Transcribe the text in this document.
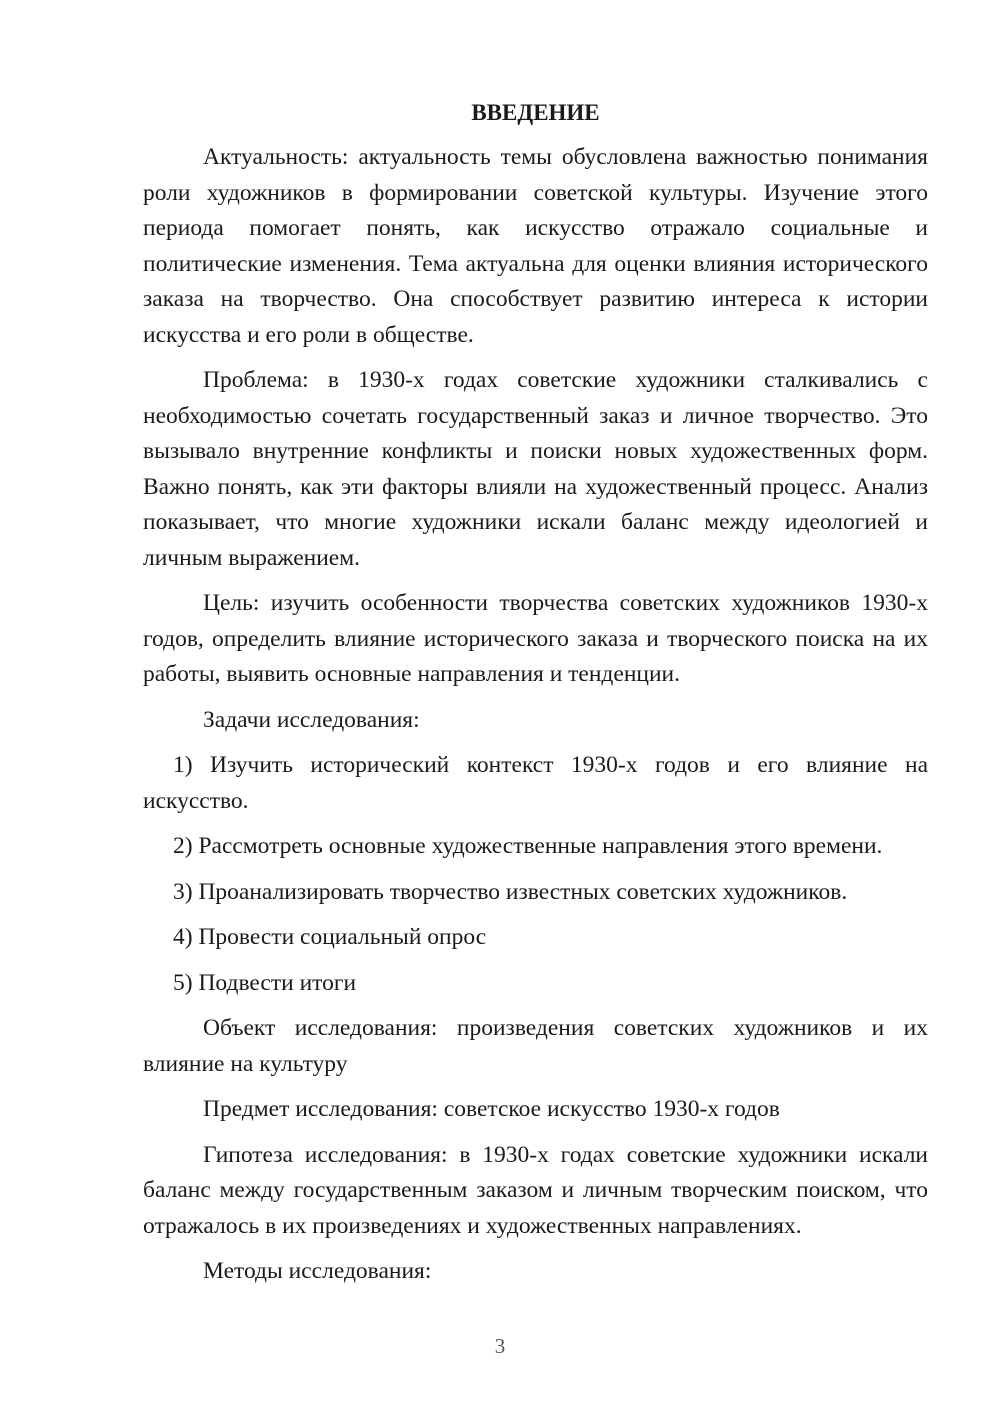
ВВЕДЕНИЕ

Актуальность: актуальность темы обусловлена важностью понимания роли художников в формировании советской культуры. Изучение этого периода помогает понять, как искусство отражало социальные и политические изменения. Тема актуальна для оценки влияния исторического заказа на творчество. Она способствует развитию интереса к истории искусства и его роли в обществе.

Проблема: в 1930-х годах советские художники сталкивались с необходимостью сочетать государственный заказ и личное творчество. Это вызывало внутренние конфликты и поиски новых художественных форм. Важно понять, как эти факторы влияли на художественный процесс. Анализ показывает, что многие художники искали баланс между идеологией и личным выражением.

Цель: изучить особенности творчества советских художников 1930-х годов, определить влияние исторического заказа и творческого поиска на их работы, выявить основные направления и тенденции.

Задачи исследования:

1) Изучить исторический контекст 1930-х годов и его влияние на искусство.

2) Рассмотреть основные художественные направления этого времени.

3) Проанализировать творчество известных советских художников.

4) Провести социальный опрос

5) Подвести итоги

Объект исследования: произведения советских художников и их влияние на культуру

Предмет исследования: советское искусство 1930-х годов

Гипотеза исследования: в 1930-х годах советские художники искали баланс между государственным заказом и личным творческим поиском, что отражалось в их произведениях и художественных направлениях.

Методы исследования:

3
